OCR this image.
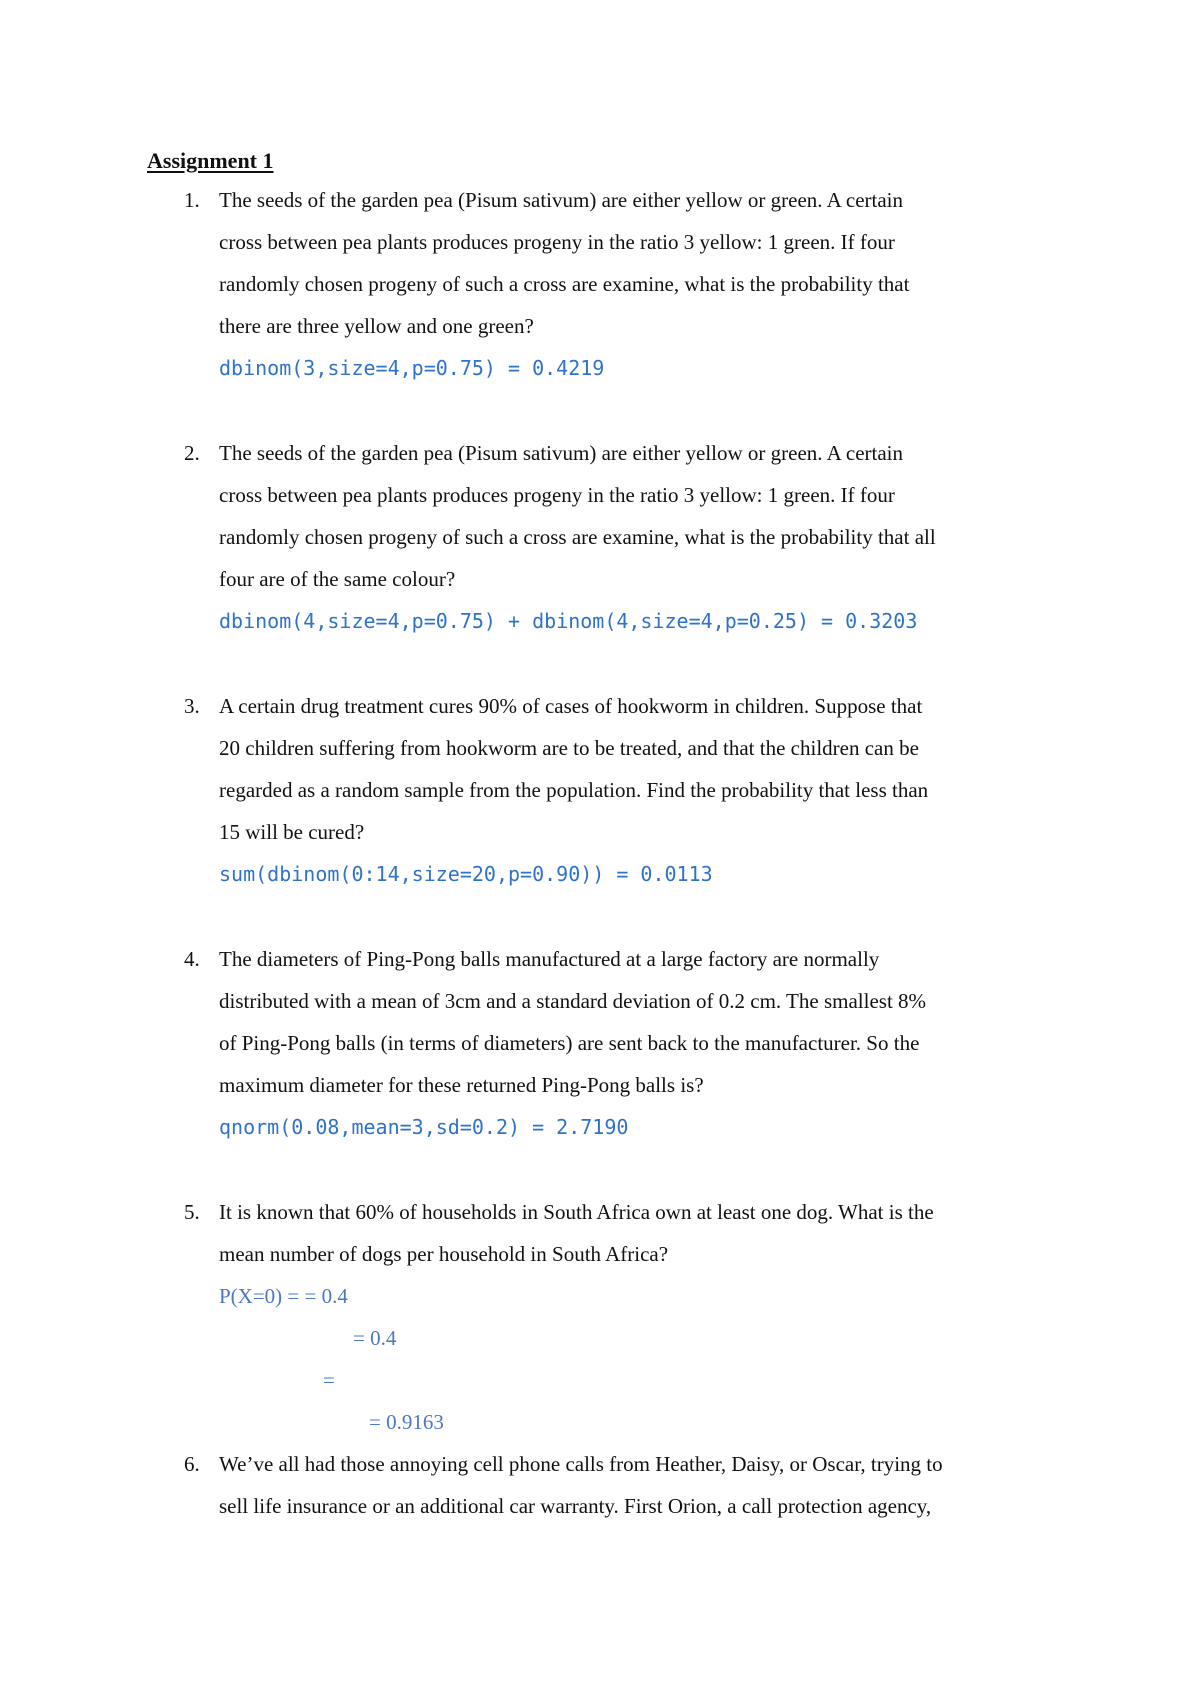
Assignment 1
1. The seeds of the garden pea (Pisum sativum) are either yellow or green. A certain
cross between pea plants produces progeny in the ratio 3 yellow: 1 green. If four
randomly chosen progeny of such a cross are examine, what is the probability that
there are three yellow and one green?
dbinom(3,size=4,p=0.75) = 0.4219
2. The seeds of the garden pea (Pisum sativum) are either yellow or green. A certain
cross between pea plants produces progeny in the ratio 3 yellow: 1 green. If four
randomly chosen progeny of such a cross are examine, what is the probability that all
four are of the same colour?
dbinom(4,size=4,p=0.75) + dbinom(4,size=4,p=0.25) = 0.3203
3. A certain drug treatment cures 90% of cases of hookworm in children. Suppose that
20 children suffering from hookworm are to be treated, and that the children can be
regarded as a random sample from the population. Find the probability that less than
15 will be cured?
sum(dbinom(0:14,size=20,p=0.90)) = 0.0113
4. The diameters of Ping-Pong balls manufactured at a large factory are normally
distributed with a mean of 3cm and a standard deviation of 0.2 cm. The smallest 8%
of Ping-Pong balls (in terms of diameters) are sent back to the manufacturer. So the
maximum diameter for these returned Ping-Pong balls is?
qnorm(0.08,mean=3,sd=0.2) = 2.7190
5. It is known that 60% of households in South Africa own at least one dog. What is the
mean number of dogs per household in South Africa?
P(X=0) = = 0.4
= 0.4
=
= 0.9163
6. We’ve all had those annoying cell phone calls from Heather, Daisy, or Oscar, trying to
sell life insurance or an additional car warranty. First Orion, a call protection agency,
